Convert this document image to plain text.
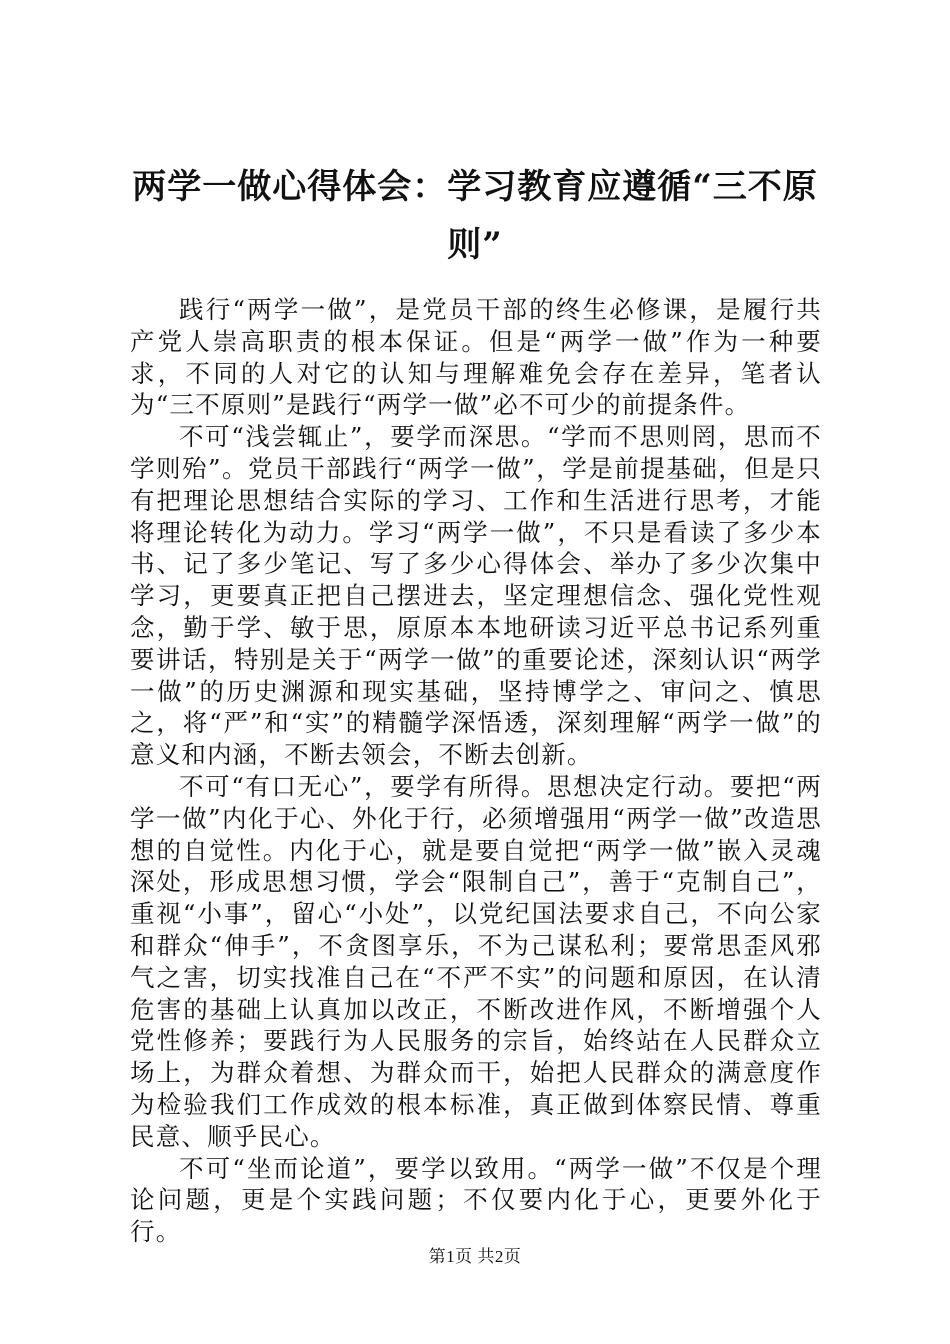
两学一做心得体会：学习教育应遵循“三不原则”

践行“两学一做”，是党员干部的终生必修课，是履行共产党人崇高职责的根本保证。但是“两学一做”作为一种要求，不同的人对它的认知与理解难免会存在差异，笔者认为“三不原则”是践行“两学一做”必不可少的前提条件。

不可“浅尝辄止”，要学而深思。“学而不思则罔，思而不学则殆”。党员干部践行“两学一做”，学是前提基础，但是只有把理论思想结合实际的学习、工作和生活进行思考，才能将理论转化为动力。学习“两学一做”，不只是看读了多少本书、记了多少笔记、写了多少心得体会、举办了多少次集中学习，更要真正把自己摆进去，坚定理想信念、强化党性观念，勤于学、敏于思，原原本本地研读习近平总书记系列重要讲话，特别是关于“两学一做”的重要论述，深刻认识“两学一做”的历史渊源和现实基础，坚持博学之、审问之、慎思之，将“严”和“实”的精髓学深悟透，深刻理解“两学一做”的意义和内涵，不断去领会，不断去创新。

不可“有口无心”，要学有所得。思想决定行动。要把“两学一做”内化于心、外化于行，必须增强用“两学一做”改造思想的自觉性。内化于心，就是要自觉把“两学一做”嵌入灵魂深处，形成思想习惯，学会“限制自己”，善于“克制自己”，重视“小事”，留心“小处”，以党纪国法要求自己，不向公家和群众“伸手”，不贪图享乐，不为己谋私利；要常思歪风邪气之害，切实找准自己在“不严不实”的问题和原因，在认清危害的基础上认真加以改正，不断改进作风，不断增强个人党性修养；要践行为人民服务的宗旨，始终站在人民群众立场上，为群众着想、为群众而干，始把人民群众的满意度作为检验我们工作成效的根本标准，真正做到体察民情、尊重民意、顺乎民心。

不可“坐而论道”，要学以致用。“两学一做”不仅是个理论问题，更是个实践问题；不仅要内化于心，更要外化于行。

第1页 共2页
